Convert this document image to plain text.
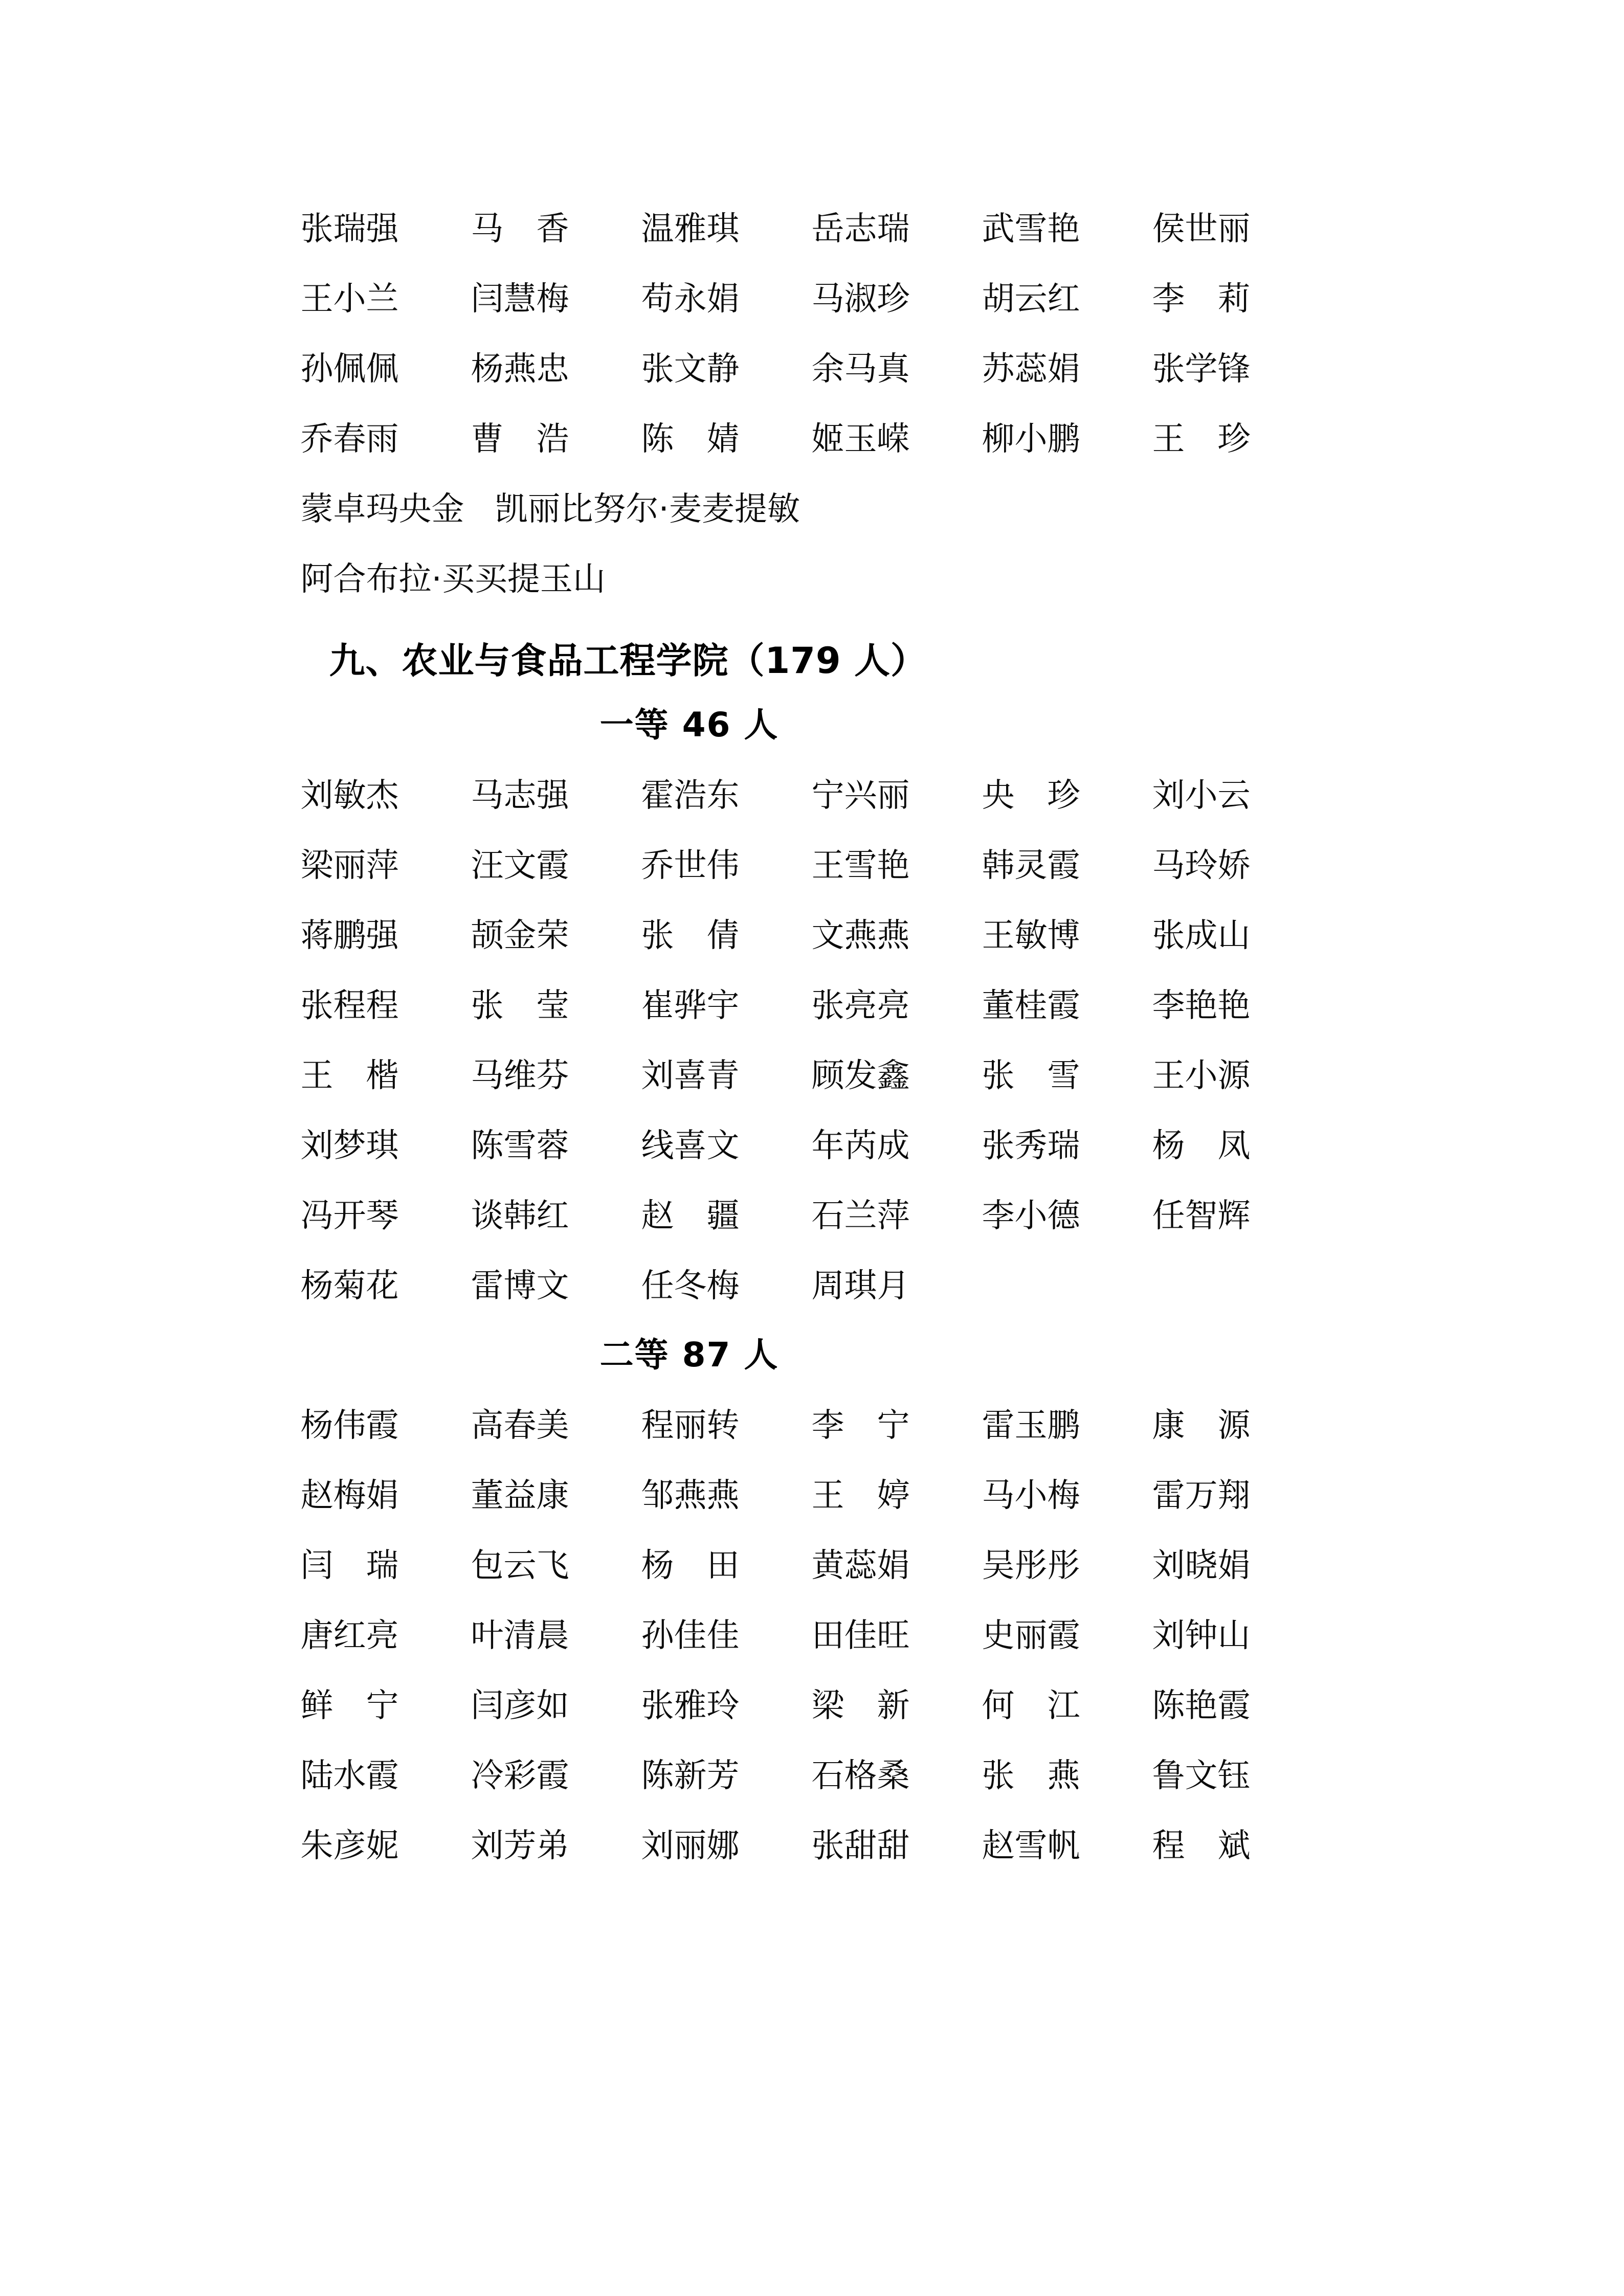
张瑞强	马　香	温雅琪	岳志瑞	武雪艳	侯世丽
王小兰	闫慧梅	苟永娟	马淑珍	胡云红	李　莉
孙佩佩	杨燕忠	张文静	余马真	苏蕊娟	张学锋
乔春雨	曹　浩	陈　婧	姬玉嵘	柳小鹏	王　珍
蒙卓玛央金 凯丽比努尔·麦麦提敏
阿合布拉·买买提玉山
九、农业与食品工程学院（179 人）
一等 46 人
刘敏杰	马志强	霍浩东	宁兴丽	央　珍	刘小云
梁丽萍	汪文霞	乔世伟	王雪艳	韩灵霞	马玲娇
蒋鹏强	颉金荣	张　倩	文燕燕	王敏博	张成山
张程程	张　莹	崔骅宇	张亮亮	董桂霞	李艳艳
王　楷	马维芬	刘喜青	顾发鑫	张　雪	王小源
刘梦琪	陈雪蓉	线喜文	年芮成	张秀瑞	杨　凤
冯开琴	谈韩红	赵　疆	石兰萍	李小德	任智辉
杨菊花	雷博文	任冬梅	周琪月
二等 87 人
杨伟霞	高春美	程丽转	李　宁	雷玉鹏	康　源
赵梅娟	董益康	邹燕燕	王　婷	马小梅	雷万翔
闫　瑞	包云飞	杨　田	黄蕊娟	吴彤彤	刘晓娟
唐红亮	叶清晨	孙佳佳	田佳旺	史丽霞	刘钟山
鲜　宁	闫彦如	张雅玲	梁　新	何　江	陈艳霞
陆水霞	冷彩霞	陈新芳	石格桑	张　燕	鲁文钰
朱彦妮	刘芳弟	刘丽娜	张甜甜	赵雪帆	程　斌
